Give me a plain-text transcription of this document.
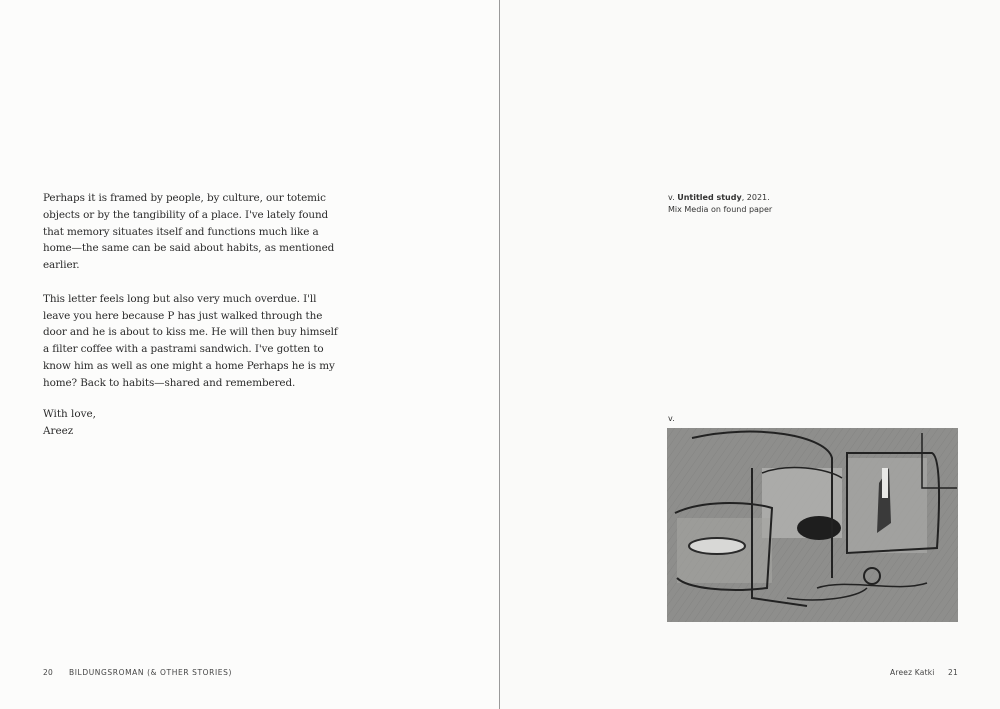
Perhaps it is framed by people, by culture, our totemic objects or by the tangibility of a place. I've lately found that memory situates itself and functions much like a home—the same can be said about habits, as mentioned earlier.

This letter feels long but also very much overdue. I'll leave you here because P has just walked through the door and he is about to kiss me. He will then buy himself a filter coffee with a pastrami sandwich. I've gotten to know him as well as one might a home Perhaps he is my home? Back to habits—shared and remembered.

With love,
Areez
v. Untitled study, 2021.
Mix Media on found paper
v.
20 BILDUNGSROMAN (& OTHER STORIES)	Areez Katki 21
